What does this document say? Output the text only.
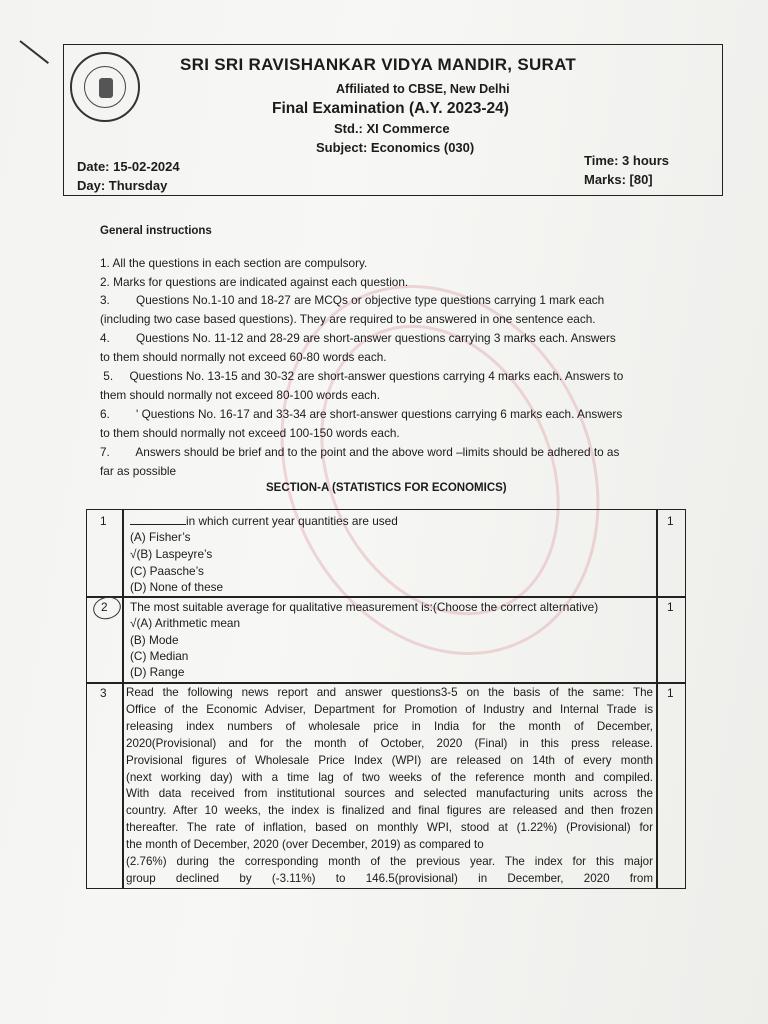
SRI SRI RAVISHANKAR VIDYA MANDIR, SURAT
Affiliated to CBSE, New Delhi
Final Examination (A.Y. 2023-24)
Std.: XI Commerce
Subject: Economics (030)
Date: 15-02-2024
Day: Thursday
Time: 3 hours
Marks: [80]
General instructions
1. All the questions in each section are compulsory.
2. Marks for questions are indicated against each question.
3.        Questions No.1-10 and 18-27 are MCQs or objective type questions carrying 1 mark each
(including two case based questions). They are required to be answered in one sentence each.
4.        Questions No. 11-12 and 28-29 are short-answer questions carrying 3 marks each. Answers
to them should normally not exceed 60-80 words each.
5.     Questions No. 13-15 and 30-32 are short-answer questions carrying 4 marks each. Answers to
them should normally not exceed 80-100 words each.
6.        ' Questions No. 16-17 and 33-34 are short-answer questions carrying 6 marks each. Answers
to them should normally not exceed 100-150 words each.
7.        Answers should be brief and to the point and the above word –limits should be adhered to as
far as possible
SECTION-A (STATISTICS FOR ECONOMICS)
1	in which current year quantities are used
(A) Fisher’s
√(B) Laspeyre’s
(C) Paasche’s
(D) None of these
1
2 The most suitable average for qualitative measurement is:(Choose the correct alternative)
√(A) Arithmetic mean
(B) Mode
(C) Median
(D) Range
1
3 Read the following news report and answer questions3-5 on the basis of the same: The
Office of the Economic Adviser, Department for Promotion of Industry and Internal Trade is
releasing index numbers of wholesale price in India for the month of December,
2020(Provisional) and for the month of October, 2020 (Final) in this press release.
Provisional figures of Wholesale Price Index (WPI) are released on 14th of every month
(next working day) with a time lag of two weeks of the reference month and compiled.
With data received from institutional sources and selected manufacturing units across the
country. After 10 weeks, the index is finalized and final figures are released and then frozen
thereafter. The rate of inflation, based on monthly WPI, stood at (1.22%) (Provisional) for
the month of December, 2020 (over December, 2019) as compared to
(2.76%) during the corresponding month of the previous year. The index for this major
group declined by (-3.11%) to 146.5(provisional) in December, 2020 from
1
